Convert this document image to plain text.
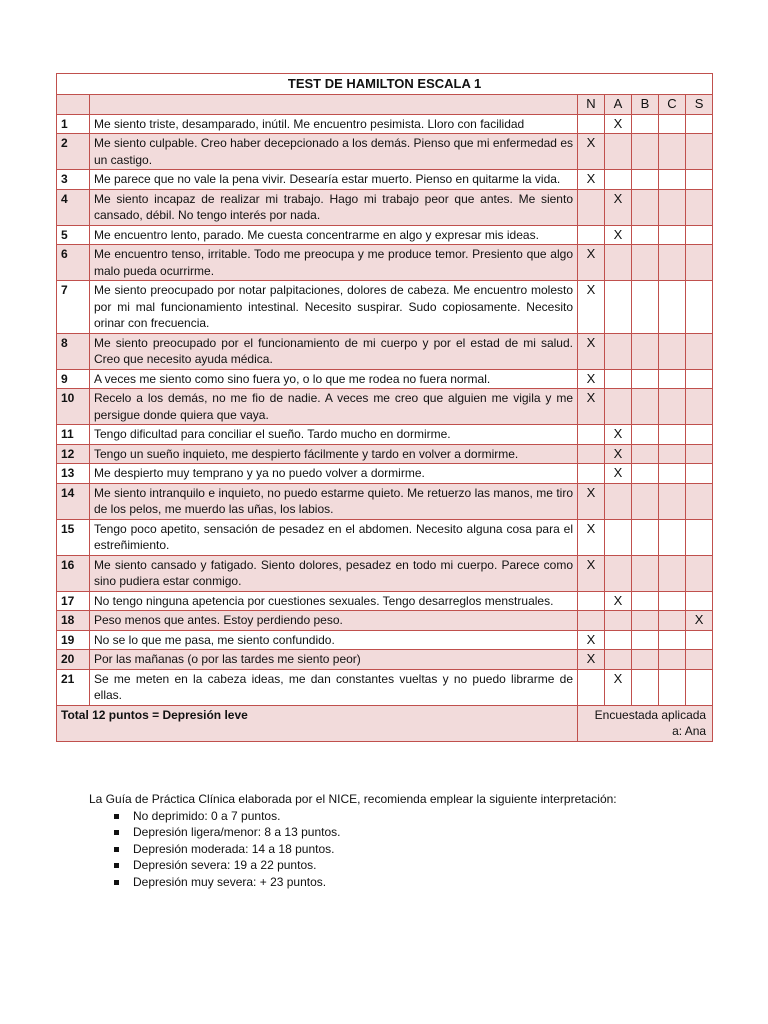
TEST DE HAMILTON ESCALA 1						
		N	A	B	C	S
1	Me siento triste, desamparado, inútil. Me encuentro pesimista. Lloro con facilidad		X			
2	Me siento culpable. Creo haber decepcionado a los demás. Pienso que mi enfermedad es un castigo.	X				
3	Me parece que no vale la pena vivir. Desearía estar muerto. Pienso en quitarme la vida.	X				
4	Me siento incapaz de realizar mi trabajo. Hago mi trabajo peor que antes. Me siento cansado, débil. No tengo interés por nada.		X			
5	Me encuentro lento, parado. Me cuesta concentrarme en algo y expresar mis ideas.		X			
6	Me encuentro tenso, irritable. Todo me preocupa y me produce temor. Presiento que algo malo pueda ocurrirme.	X				
7	Me siento preocupado por notar palpitaciones, dolores de cabeza. Me encuentro molesto por mi mal funcionamiento intestinal. Necesito suspirar. Sudo copiosamente. Necesito orinar con frecuencia.	X				
8	Me siento preocupado por el funcionamiento de mi cuerpo y por el estad de mi salud. Creo que necesito ayuda médica.	X				
9	A veces me siento como sino fuera yo, o lo que me rodea no fuera normal.	X				
10	Recelo a los demás, no me fio de nadie. A veces me creo que alguien me vigila y me persigue donde quiera que vaya.	X				
11	Tengo dificultad para conciliar el sueño. Tardo mucho en dormirme.		X			
12	Tengo un sueño inquieto, me despierto fácilmente y tardo en volver a dormirme.		X			
13	Me despierto muy temprano y ya no puedo volver a dormirme.		X			
14	Me siento intranquilo e inquieto, no puedo estarme quieto. Me retuerzo las manos, me tiro de los pelos, me muerdo las uñas, los labios.	X				
15	Tengo poco apetito, sensación de pesadez en el abdomen. Necesito alguna cosa para el estreñimiento.	X				
16	Me siento cansado y fatigado. Siento dolores, pesadez en todo mi cuerpo. Parece como sino pudiera estar conmigo.	X				
17	No tengo ninguna apetencia por cuestiones sexuales. Tengo desarreglos menstruales.		X			
18	Peso menos que antes. Estoy perdiendo peso.					X
19	No se lo que me pasa, me siento confundido.	X				
20	Por las mañanas (o por las tardes me siento peor)	X				
21	Se me meten en la cabeza ideas, me dan constantes vueltas y no puedo librarme de ellas.		X			
Total 12 puntos = Depresión leve		Encuestada aplicada a: Ana				

La Guía de Práctica Clínica elaborada por el NICE, recomienda emplear la siguiente interpretación:

No deprimido: 0 a 7 puntos.
Depresión ligera/menor: 8 a 13 puntos.
Depresión moderada: 14 a 18 puntos.
Depresión severa: 19 a 22 puntos.
Depresión muy severa: + 23 puntos.
